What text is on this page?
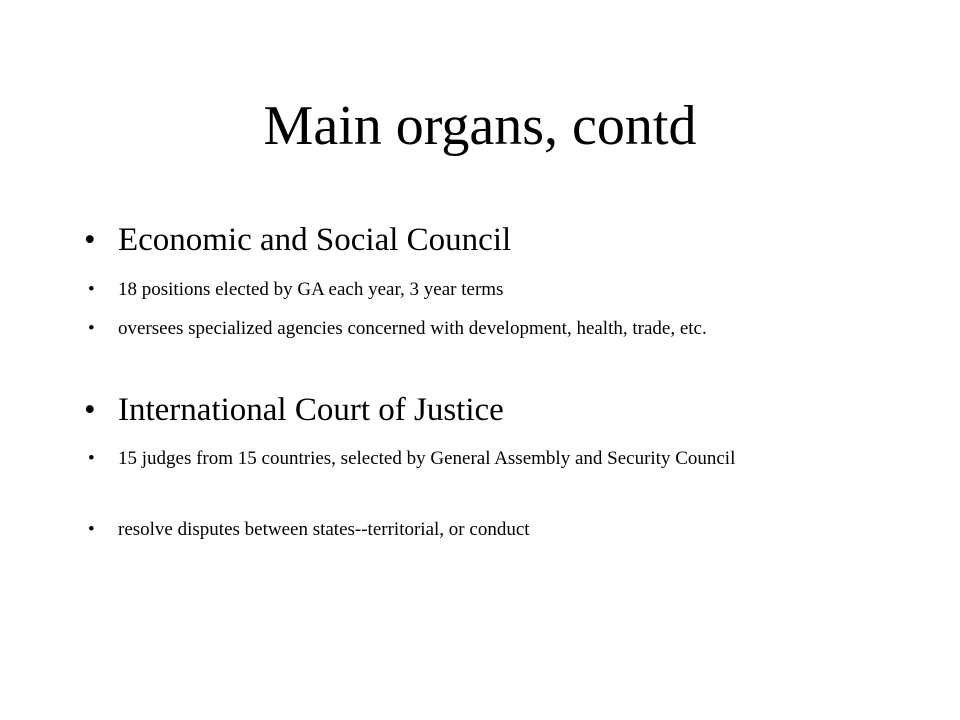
Main organs, contd
• Economic and Social Council
•	18 positions elected by GA each year, 3 year terms
•	oversees specialized agencies concerned with development, health, trade, etc.
• International Court of Justice
•	15 judges from 15 countries, selected by General Assembly and Security Council
•	resolve disputes between states--territorial, or conduct
